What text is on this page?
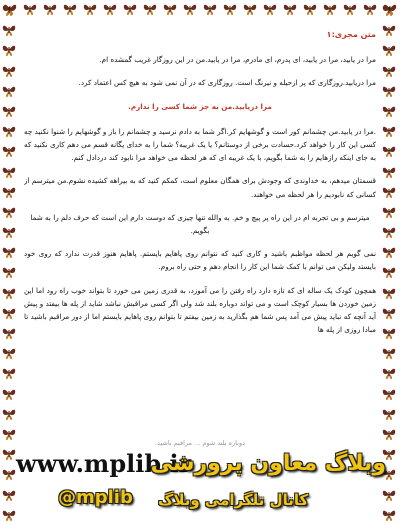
متن مجری:۱

مرا در یابید، مرا در یابید، ای پدرم، ای مادرم، مرا در یابید.من در این روزگار غریب گمشده ام.

مرا دریابید.روزگاری که پر ازحیله و نیرنگ است. روزگاری که در آن نمی شود به هیچ کس اعتماد کرد.

مرا دریابید.من به جز شما کسی را ندارم.

.مرا در یابید.من چشمانم کور است و گوشهایم کر.اگر شما به دادم نرسید و چشمانم را باز و گوشهایم را شنوا نکنید چه کسی این کار را خواهد کرد.حسادت برخی از دوستانم؟ یا یک غریبه؟ شما را به خدای یگانه قسم می دهم کاری نکنید که به جای اینکه رازهایم را به شما بگویم، با یک غریبه ای که هر لحظه می خواهد مرا نابود کند دردادل کنم.

قسمتان میدهم، به خداوندی که وجودش برای همگان معلوم است، کمکم کنید که به بیراهه کشیده نشوم.من میترسم از کسانی که نابودیم را هر لحظه می خواهند.

میترسم و بی تجربه ام در این راه پر پیچ و خم. به والله تنها چیزی که دوست دارم این است که حرف دلم را به شما بگویم.

نمی گویم هر لحظه مواظبم باشید و کاری کنید که نتوانم روی پاهایم بایستم. پاهایم هنوز قدرت ندارد که روی خود بایستد ولیکن می توانم با کمک شما این کار را انجام دهم و حتی راه بروم.

همچون کودک یک ساله ای که تازه دارد راه رفتن را می آموزد، به قدری زمین می خورد تا بتواند خوب راه رود اما این زمین خوردن ها بسیار کوچک است و می تواند دوباره بلند شد ولی اگر کسی مراقبش نباشد شاید از پله ها بیفتد و پیش آید آنچه که نباید پیش می آمد پس شما هم بگذارید به زمین بیفتم تا بتوانم روی پاهایم بایستم اما از دور مراقبم باشید تا مبادا روزی از پله ها

دوباره بلند شوم ... مراقبم باشید.
www.mplib.ir
وبلاگ معاون پرورشی
@mplib کانال تلگرامی وبلاگ
